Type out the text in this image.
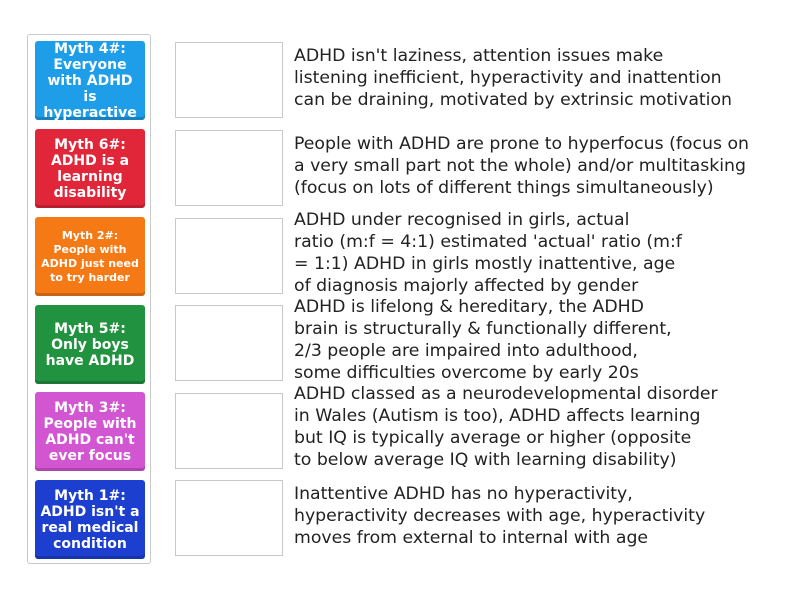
Myth 4#: Everyone with ADHD is hyperactive
Myth 6#: ADHD is a learning disability
Myth 2#: People with ADHD just need to try harder
Myth 5#: Only boys have ADHD
Myth 3#: People with ADHD can't ever focus
Myth 1#: ADHD isn't a real medical condition
ADHD isn't laziness, attention issues make
listening inefficient, hyperactivity and inattention
can be draining, motivated by extrinsic motivation
People with ADHD are prone to hyperfocus (focus on
a very small part not the whole) and/or multitasking
(focus on lots of different things simultaneously)
ADHD under recognised in girls, actual
ratio (m:f = 4:1) estimated 'actual' ratio (m:f
= 1:1) ADHD in girls mostly inattentive, age
of diagnosis majorly affected by gender
ADHD is lifelong & hereditary, the ADHD
brain is structurally & functionally different,
2/3 people are impaired into adulthood,
some difficulties overcome by early 20s
ADHD classed as a neurodevelopmental disorder
in Wales (Autism is too), ADHD affects learning
but IQ is typically average or higher (opposite
to below average IQ with learning disability)
Inattentive ADHD has no hyperactivity,
hyperactivity decreases with age, hyperactivity
moves from external to internal with age
